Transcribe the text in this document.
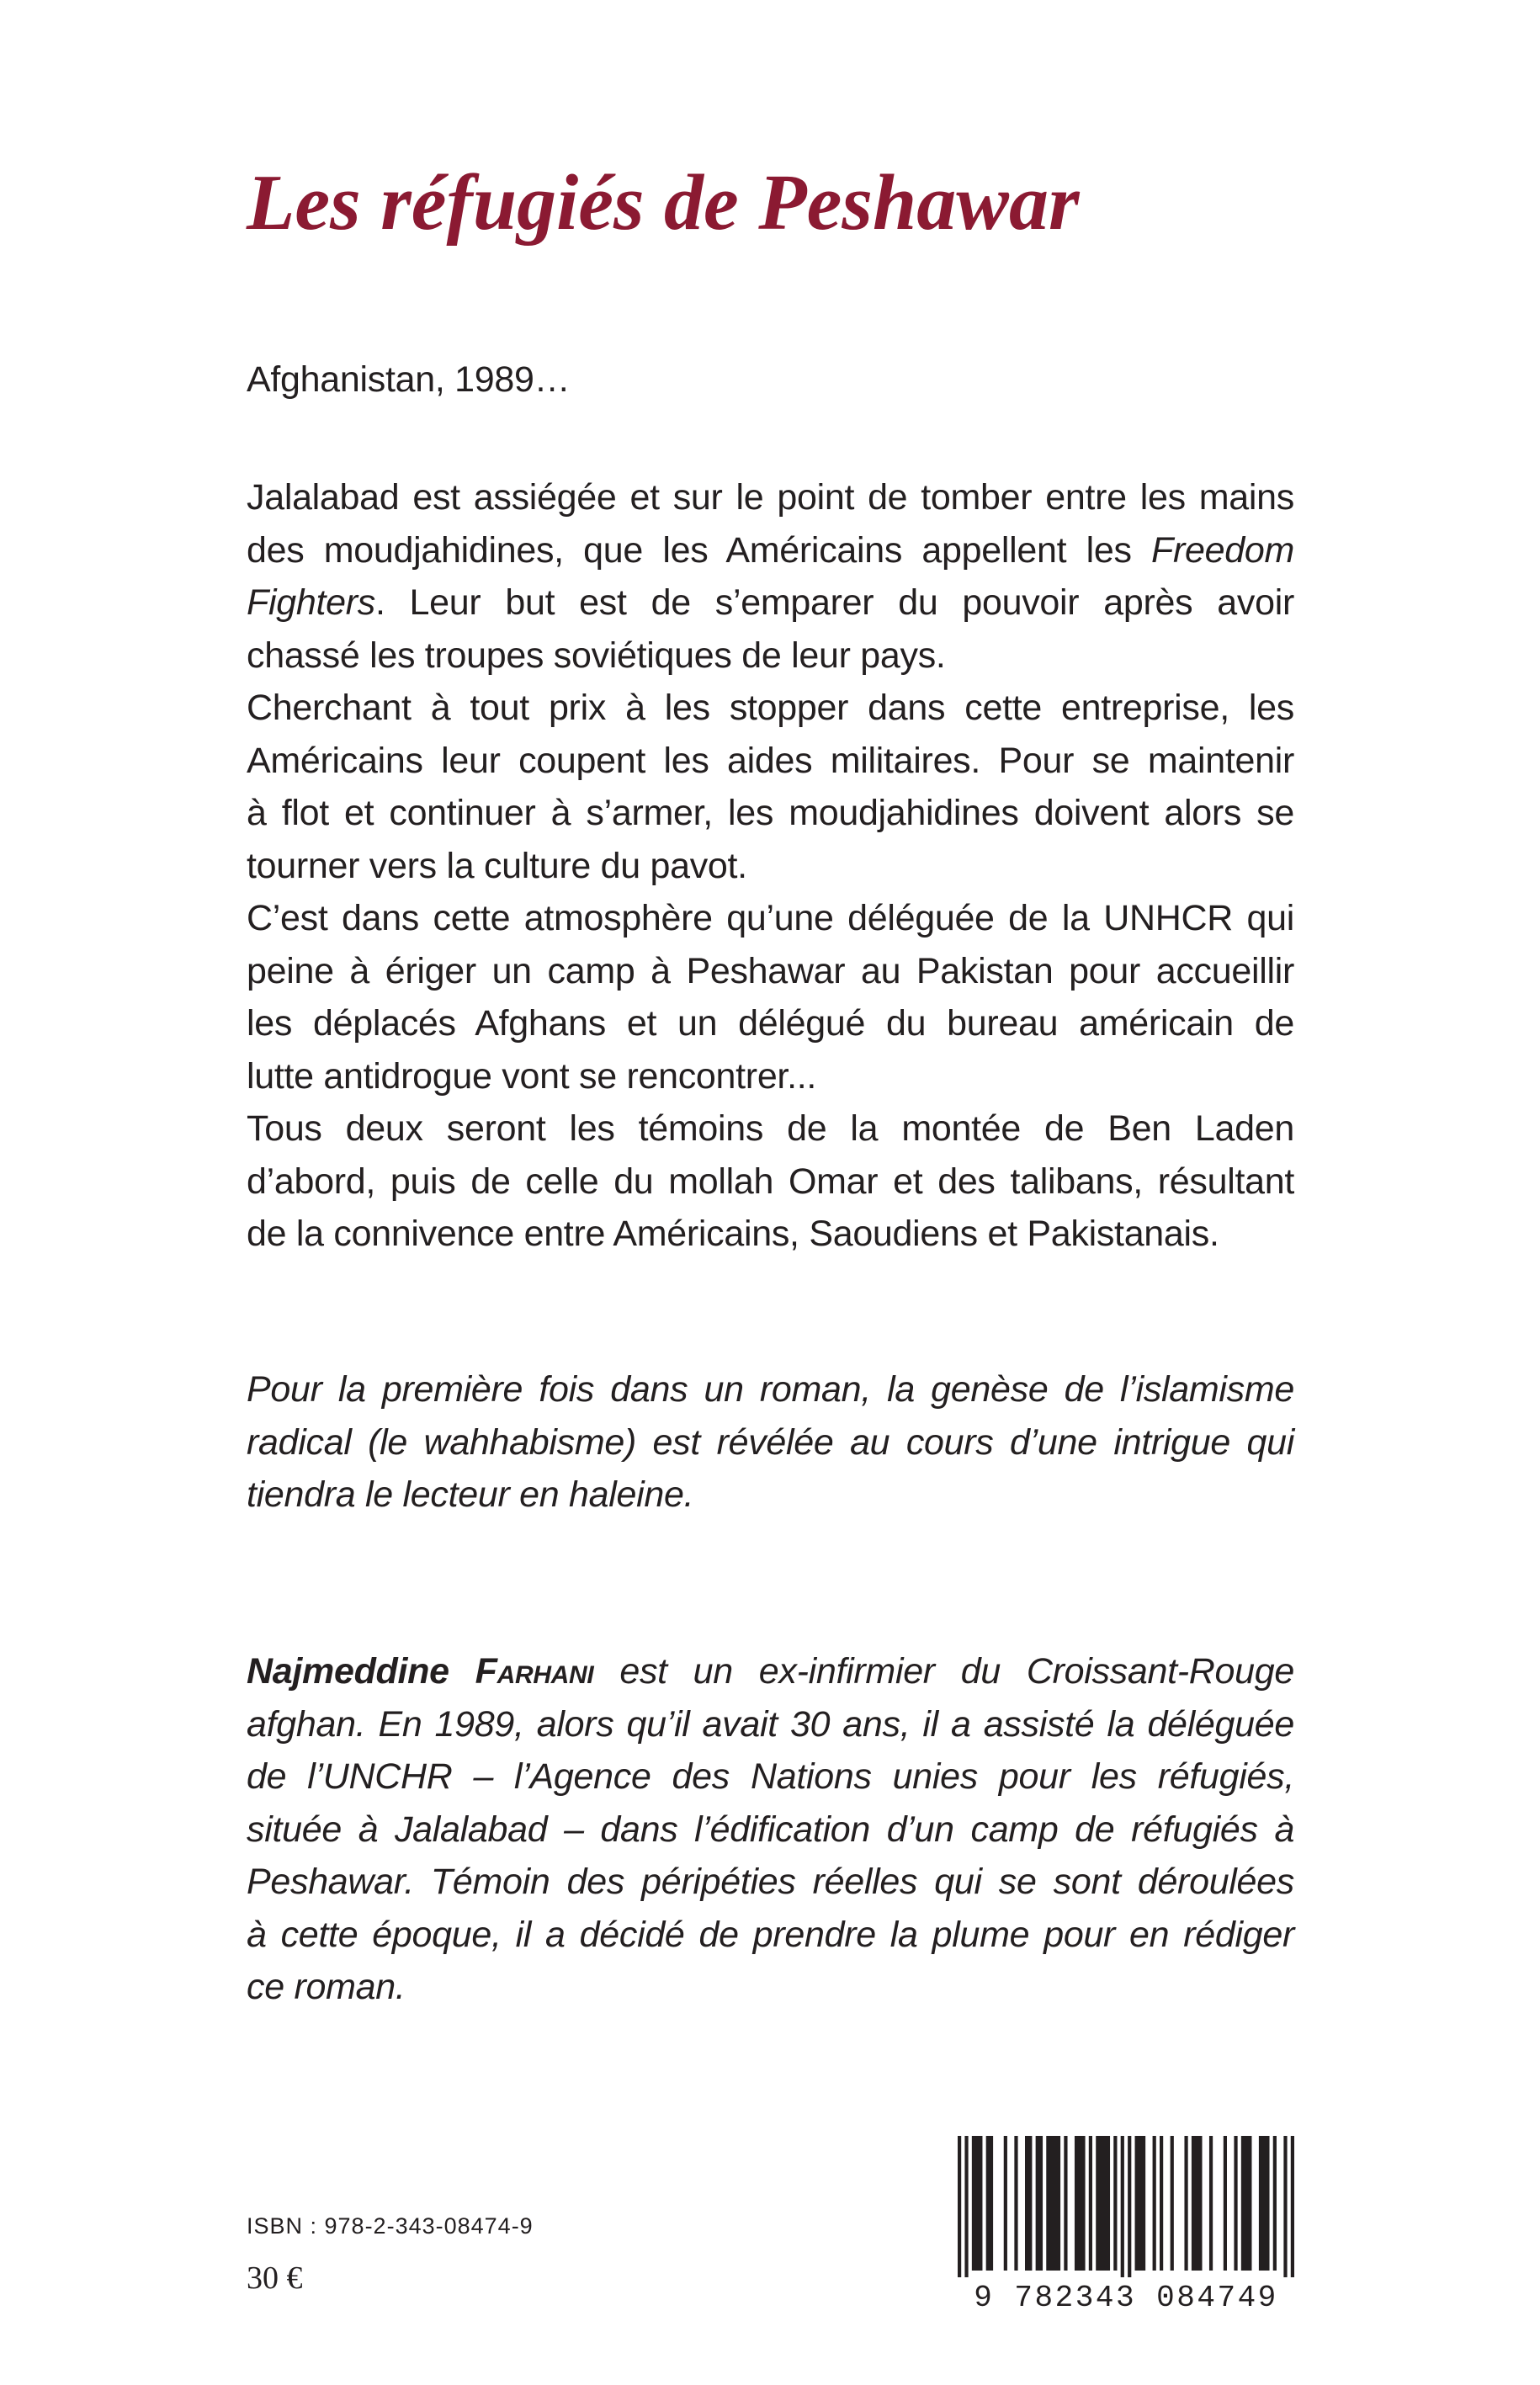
Les réfugiés de Peshawar

Afghanistan, 1989…

Jalalabad est assiégée et sur le point de tomber entre les mains
des moudjahidines, que les Américains appellent les Freedom
Fighters. Leur but est de s’emparer du pouvoir après avoir
chassé les troupes soviétiques de leur pays.

Cherchant à tout prix à les stopper dans cette entreprise, les
Américains leur coupent les aides militaires. Pour se maintenir
à flot et continuer à s’armer, les moudjahidines doivent alors se
tourner vers la culture du pavot.

C’est dans cette atmosphère qu’une déléguée de la UNHCR qui
peine à ériger un camp à Peshawar au Pakistan pour accueillir
les déplacés Afghans et un délégué du bureau américain de
lutte antidrogue vont se rencontrer...

Tous deux seront les témoins de la montée de Ben Laden
d’abord, puis de celle du mollah Omar et des talibans, résultant
de la connivence entre Américains, Saoudiens et Pakistanais.

Pour la première fois dans un roman, la genèse de l’islamisme
radical (le wahhabisme) est révélée au cours d’une intrigue qui
tiendra le lecteur en haleine.

Najmeddine Farhani est un ex-infirmier du Croissant-Rouge
afghan. En 1989, alors qu’il avait 30 ans, il a assisté la déléguée
de l’UNCHR – l’Agence des Nations unies pour les réfugiés,
située à Jalalabad – dans l’édification d’un camp de réfugiés à
Peshawar. Témoin des péripéties réelles qui se sont déroulées
à cette époque, il a décidé de prendre la plume pour en rédiger
ce roman.

ISBN : 978-2-343-08474-9
30 €
9 782343 084749
